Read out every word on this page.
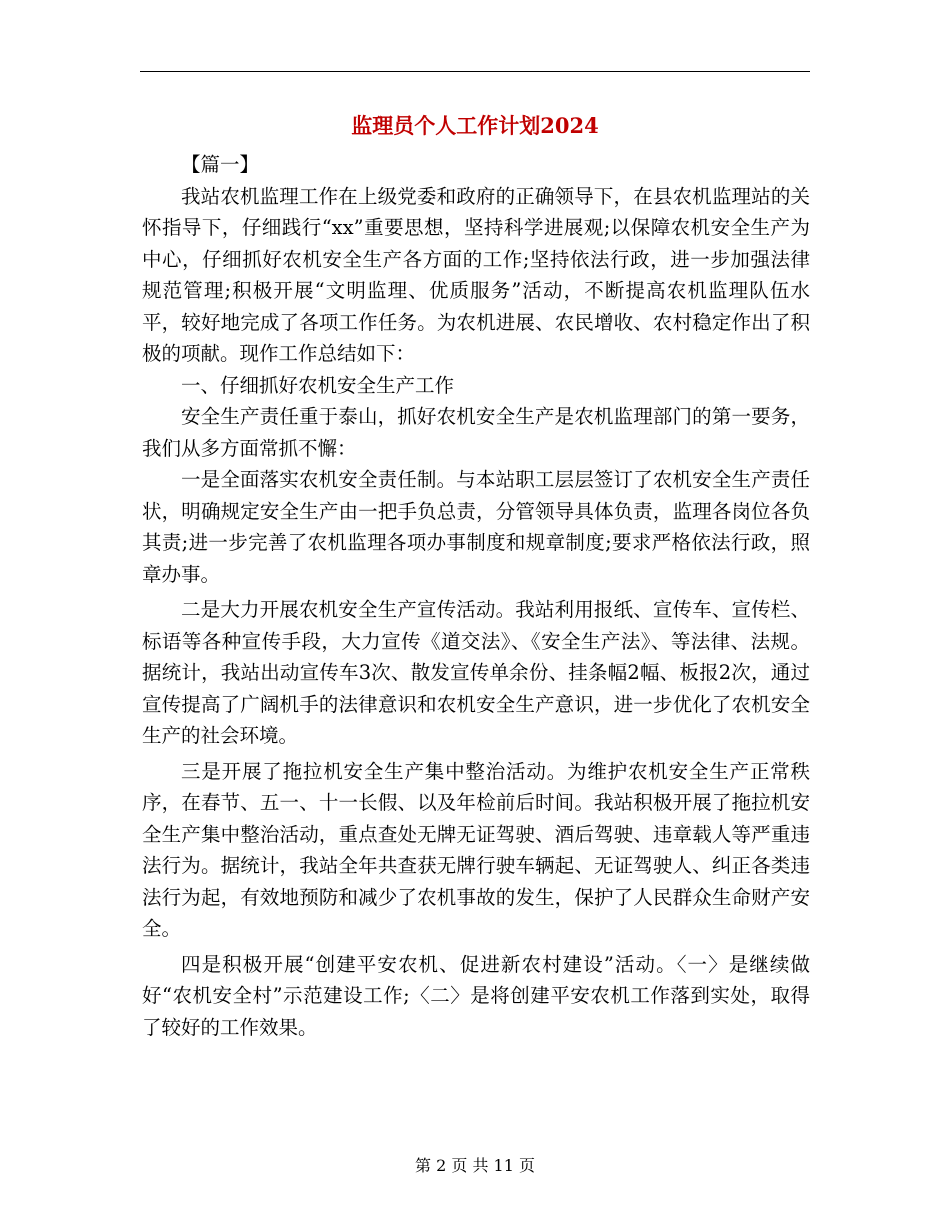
监理员个人工作计划2024

【篇一】

我站农机监理工作在上级党委和政府的正确领导下，在县农机监理站的关怀指导下，仔细践行“xx”重要思想，坚持科学进展观;以保障农机安全生产为中心，仔细抓好农机安全生产各方面的工作;坚持依法行政，进一步加强法律规范管理;积极开展“文明监理、优质服务”活动，不断提高农机监理队伍水平，较好地完成了各项工作任务。为农机进展、农民增收、农村稳定作出了积极的项献。现作工作总结如下：

一、仔细抓好农机安全生产工作

安全生产责任重于泰山，抓好农机安全生产是农机监理部门的第一要务，我们从多方面常抓不懈：

一是全面落实农机安全责任制。与本站职工层层签订了农机安全生产责任状，明确规定安全生产由一把手负总责，分管领导具体负责，监理各岗位各负其责;进一步完善了农机监理各项办事制度和规章制度;要求严格依法行政，照章办事。

二是大力开展农机安全生产宣传活动。我站利用报纸、宣传车、宣传栏、标语等各种宣传手段，大力宣传《道交法》、《安全生产法》、等法律、法规。据统计，我站出动宣传车3次、散发宣传单余份、挂条幅2幅、板报2次，通过宣传提高了广阔机手的法律意识和农机安全生产意识，进一步优化了农机安全生产的社会环境。

三是开展了拖拉机安全生产集中整治活动。为维护农机安全生产正常秩序，在春节、五一、十一长假、以及年检前后时间。我站积极开展了拖拉机安全生产集中整治活动，重点查处无牌无证驾驶、酒后驾驶、违章载人等严重违法行为。据统计，我站全年共查获无牌行驶车辆起、无证驾驶人、纠正各类违法行为起，有效地预防和减少了农机事故的发生，保护了人民群众生命财产安全。

四是积极开展“创建平安农机、促进新农村建设”活动。〈一〉是继续做好“农机安全村”示范建设工作;〈二〉是将创建平安农机工作落到实处，取得了较好的工作效果。

第 2 页 共 11 页
